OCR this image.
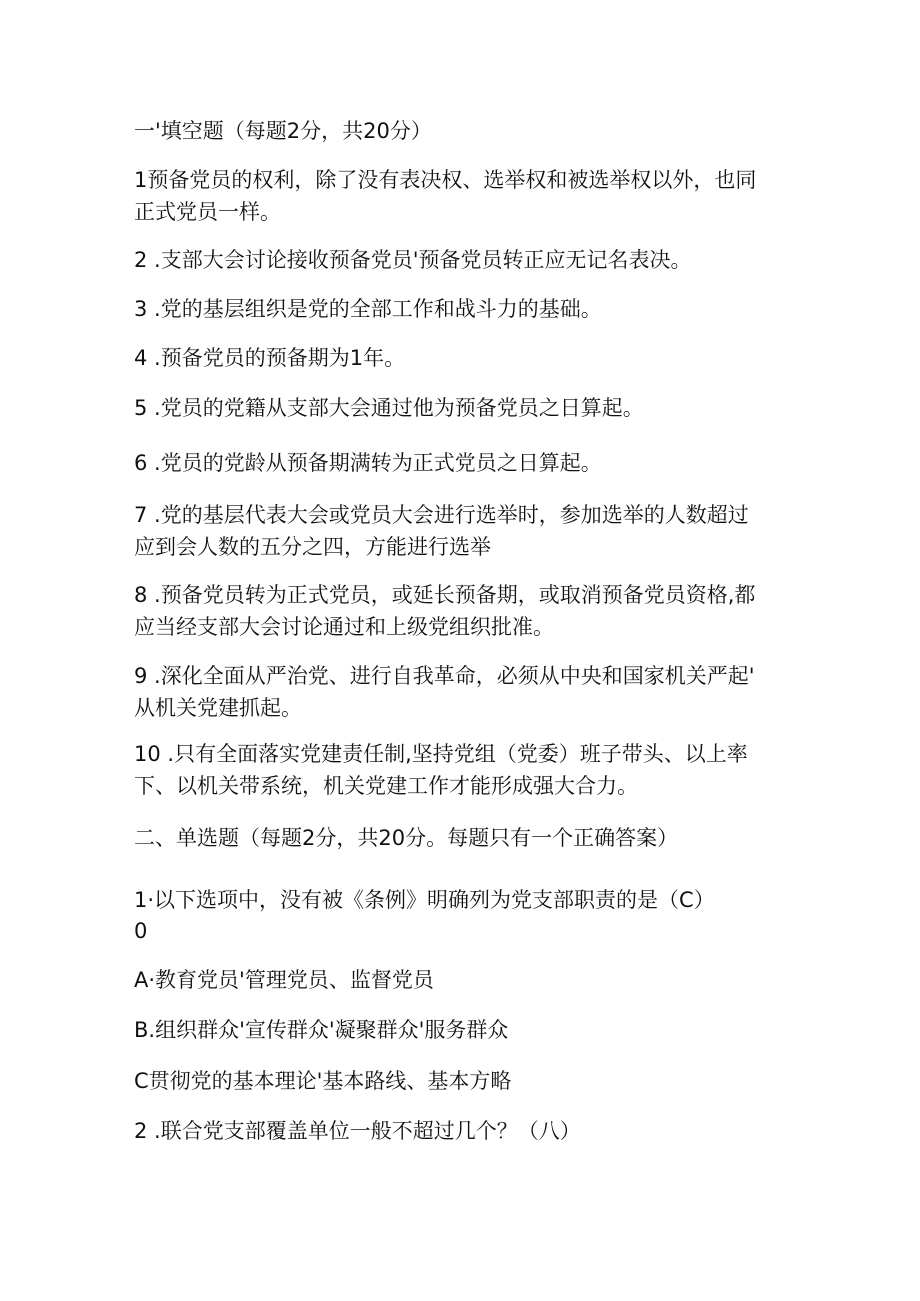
一'填空题（每题2分，共20分）
1预备党员的权利，除了没有表决权、选举权和被选举权以外，也同
正式党员一样。
2 .支部大会讨论接收预备党员'预备党员转正应无记名表决。
3 .党的基层组织是党的全部工作和战斗力的基础。
4 .预备党员的预备期为1年。
5 .党员的党籍从支部大会通过他为预备党员之日算起。
6 .党员的党龄从预备期满转为正式党员之日算起。
7 .党的基层代表大会或党员大会进行选举时，参加选举的人数超过
应到会人数的五分之四，方能进行选举
8 .预备党员转为正式党员，或延长预备期，或取消预备党员资格,都
应当经支部大会讨论通过和上级党组织批准。
9 .深化全面从严治党、进行自我革命，必须从中央和国家机关严起'
从机关党建抓起。
10 .只有全面落实党建责任制,坚持党组（党委）班子带头、以上率
下、以机关带系统，机关党建工作才能形成强大合力。
二、单选题（每题2分，共20分。每题只有一个正确答案）
1·以下选项中，没有被《条例》明确列为党支部职责的是（C）
0
A·教育党员'管理党员、监督党员
B.组织群众'宣传群众'凝聚群众'服务群众
C贯彻党的基本理论'基本路线、基本方略
2 .联合党支部覆盖单位一般不超过几个？（八）
